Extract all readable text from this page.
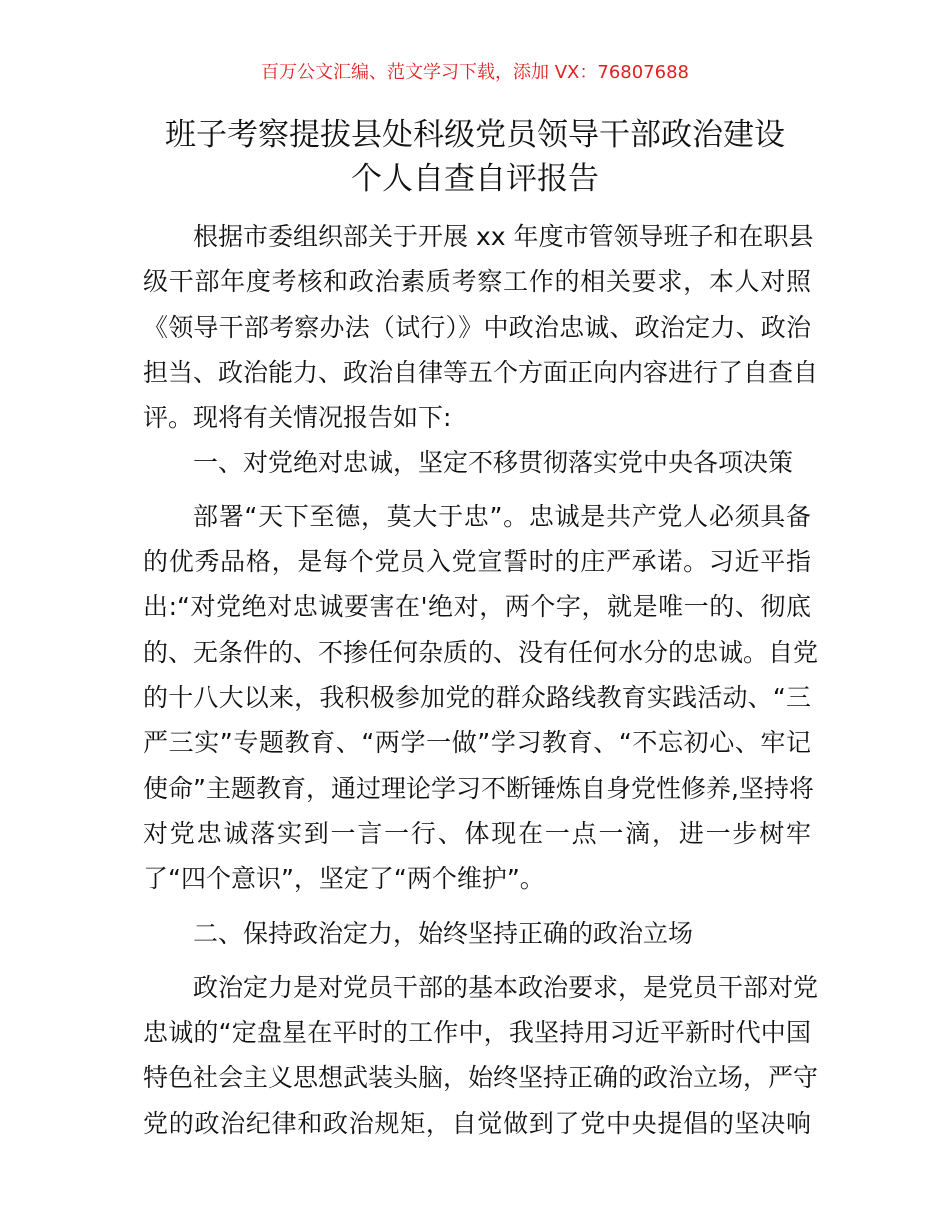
百万公文汇编、范文学习下载，添加 VX：76807688
班子考察提拔县处科级党员领导干部政治建设
个人自查自评报告
根据市委组织部关于开展 xx 年度市管领导班子和在职县
级干部年度考核和政治素质考察工作的相关要求，本人对照
《领导干部考察办法（试行）》中政治忠诚、政治定力、政治
担当、政治能力、政治自律等五个方面正向内容进行了自查自
评。现将有关情况报告如下:
一、对党绝对忠诚，坚定不移贯彻落实党中央各项决策
部署“天下至德，莫大于忠”。忠诚是共产党人必须具备
的优秀品格，是每个党员入党宣誓时的庄严承诺。习近平指
出:“对党绝对忠诚要害在'绝对，两个字，就是唯一的、彻底
的、无条件的、不掺任何杂质的、没有任何水分的忠诚。自党
的十八大以来，我积极参加党的群众路线教育实践活动、“三
严三实”专题教育、“两学一做”学习教育、“不忘初心、牢记
使命”主题教育，通过理论学习不断锤炼自身党性修养,坚持将
对党忠诚落实到一言一行、体现在一点一滴，进一步树牢
了“四个意识”，坚定了“两个维护”。
二、保持政治定力，始终坚持正确的政治立场
政治定力是对党员干部的基本政治要求，是党员干部对党
忠诚的“定盘星在平时的工作中，我坚持用习近平新时代中国
特色社会主义思想武装头脑，始终坚持正确的政治立场，严守
党的政治纪律和政治规矩，自觉做到了党中央提倡的坚决响
